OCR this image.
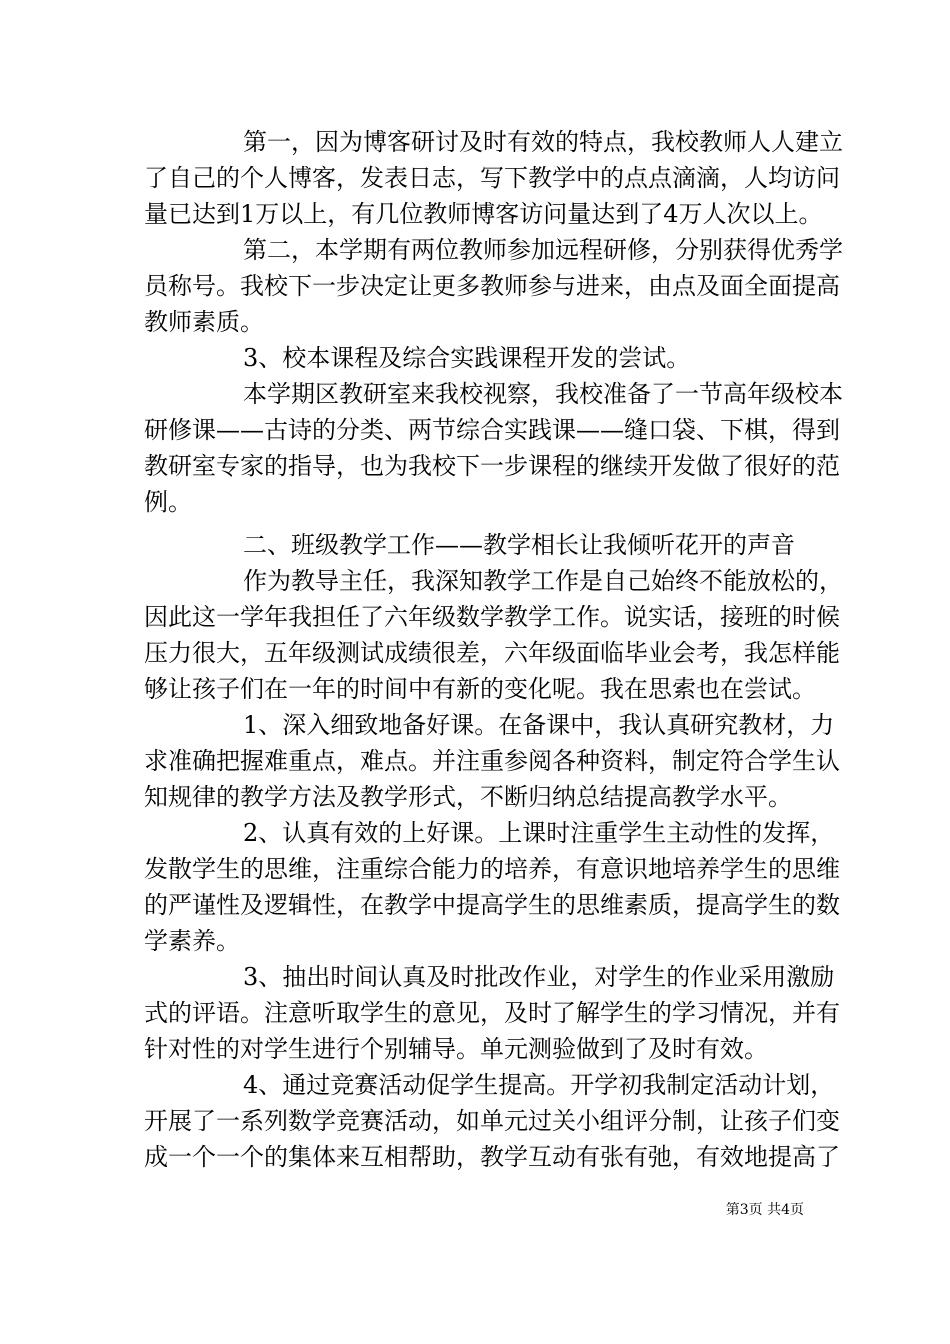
第一，因为博客研讨及时有效的特点，我校教师人人建立
了自己的个人博客，发表日志，写下教学中的点点滴滴，人均访问
量已达到1万以上，有几位教师博客访问量达到了4万人次以上。
第二，本学期有两位教师参加远程研修，分别获得优秀学
员称号。我校下一步决定让更多教师参与进来，由点及面全面提高
教师素质。
3、校本课程及综合实践课程开发的尝试。
本学期区教研室来我校视察，我校准备了一节高年级校本
研修课——古诗的分类、两节综合实践课——缝口袋、下棋，得到
教研室专家的指导，也为我校下一步课程的继续开发做了很好的范
例。
二、班级教学工作——教学相长让我倾听花开的声音
作为教导主任，我深知教学工作是自己始终不能放松的，
因此这一学年我担任了六年级数学教学工作。说实话，接班的时候
压力很大，五年级测试成绩很差，六年级面临毕业会考，我怎样能
够让孩子们在一年的时间中有新的变化呢。我在思索也在尝试。
1、深入细致地备好课。在备课中，我认真研究教材，力
求准确把握难重点，难点。并注重参阅各种资料，制定符合学生认
知规律的教学方法及教学形式，不断归纳总结提高教学水平。
2、认真有效的上好课。上课时注重学生主动性的发挥，
发散学生的思维，注重综合能力的培养，有意识地培养学生的思维
的严谨性及逻辑性，在教学中提高学生的思维素质，提高学生的数
学素养。
3、抽出时间认真及时批改作业，对学生的作业采用激励
式的评语。注意听取学生的意见，及时了解学生的学习情况，并有
针对性的对学生进行个别辅导。单元测验做到了及时有效。
4、通过竞赛活动促学生提高。开学初我制定活动计划，
开展了一系列数学竞赛活动，如单元过关小组评分制，让孩子们变
成一个一个的集体来互相帮助，教学互动有张有弛，有效地提高了
第3页 共4页
